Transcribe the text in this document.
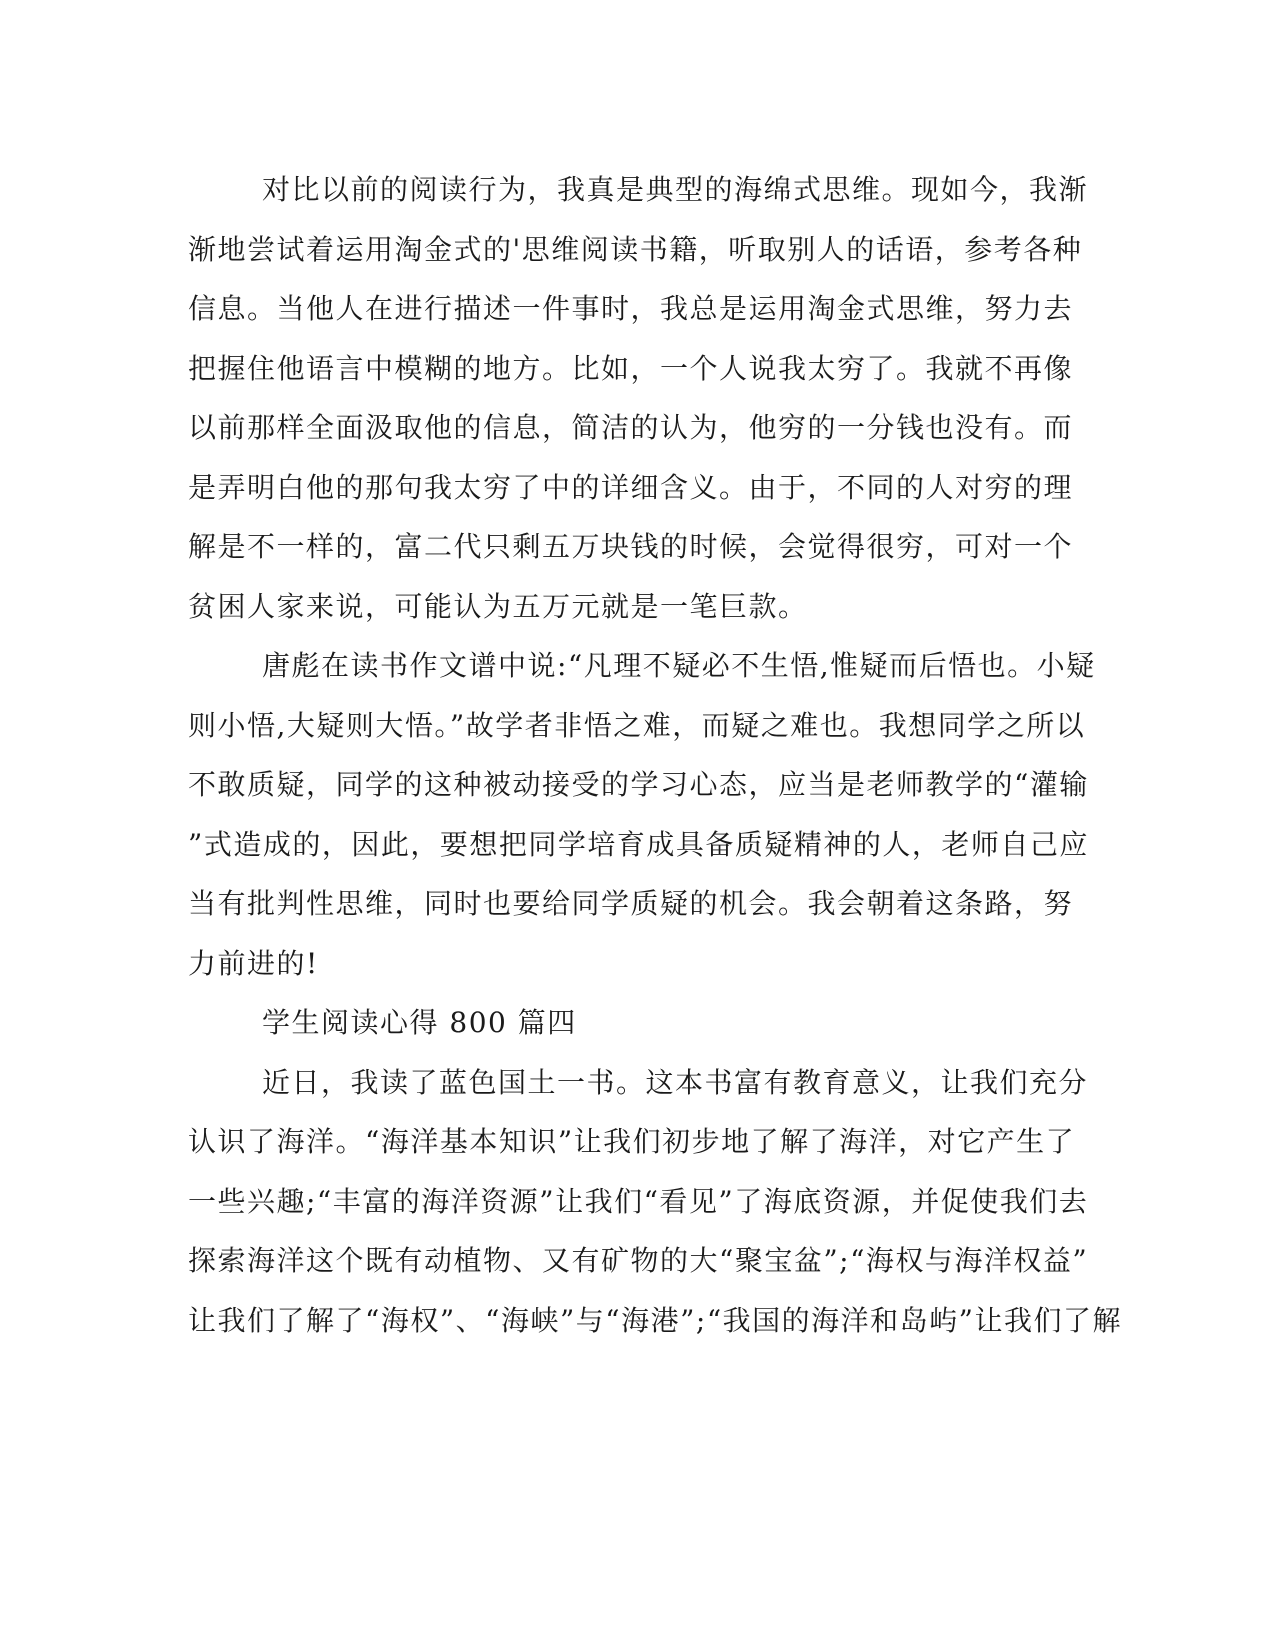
对比以前的阅读行为，我真是典型的海绵式思维。现如今，我渐
渐地尝试着运用淘金式的'思维阅读书籍，听取别人的话语，参考各种
信息。当他人在进行描述一件事时，我总是运用淘金式思维，努力去
把握住他语言中模糊的地方。比如，一个人说我太穷了。我就不再像
以前那样全面汲取他的信息，简洁的认为，他穷的一分钱也没有。而
是弄明白他的那句我太穷了中的详细含义。由于，不同的人对穷的理
解是不一样的，富二代只剩五万块钱的时候，会觉得很穷，可对一个
贫困人家来说，可能认为五万元就是一笔巨款。
唐彪在读书作文谱中说:“凡理不疑必不生悟,惟疑而后悟也。小疑
则小悟,大疑则大悟。”故学者非悟之难，而疑之难也。我想同学之所以
不敢质疑，同学的这种被动接受的学习心态，应当是老师教学的“灌输
”式造成的，因此，要想把同学培育成具备质疑精神的人，老师自己应
当有批判性思维，同时也要给同学质疑的机会。我会朝着这条路，努
力前进的!
学生阅读心得 800 篇四
近日，我读了蓝色国土一书。这本书富有教育意义，让我们充分
认识了海洋。“海洋基本知识”让我们初步地了解了海洋，对它产生了
一些兴趣;“丰富的海洋资源”让我们“看见”了海底资源，并促使我们去
探索海洋这个既有动植物、又有矿物的大“聚宝盆”;“海权与海洋权益”
让我们了解了“海权”、“海峡”与“海港”;“我国的海洋和岛屿”让我们了解
